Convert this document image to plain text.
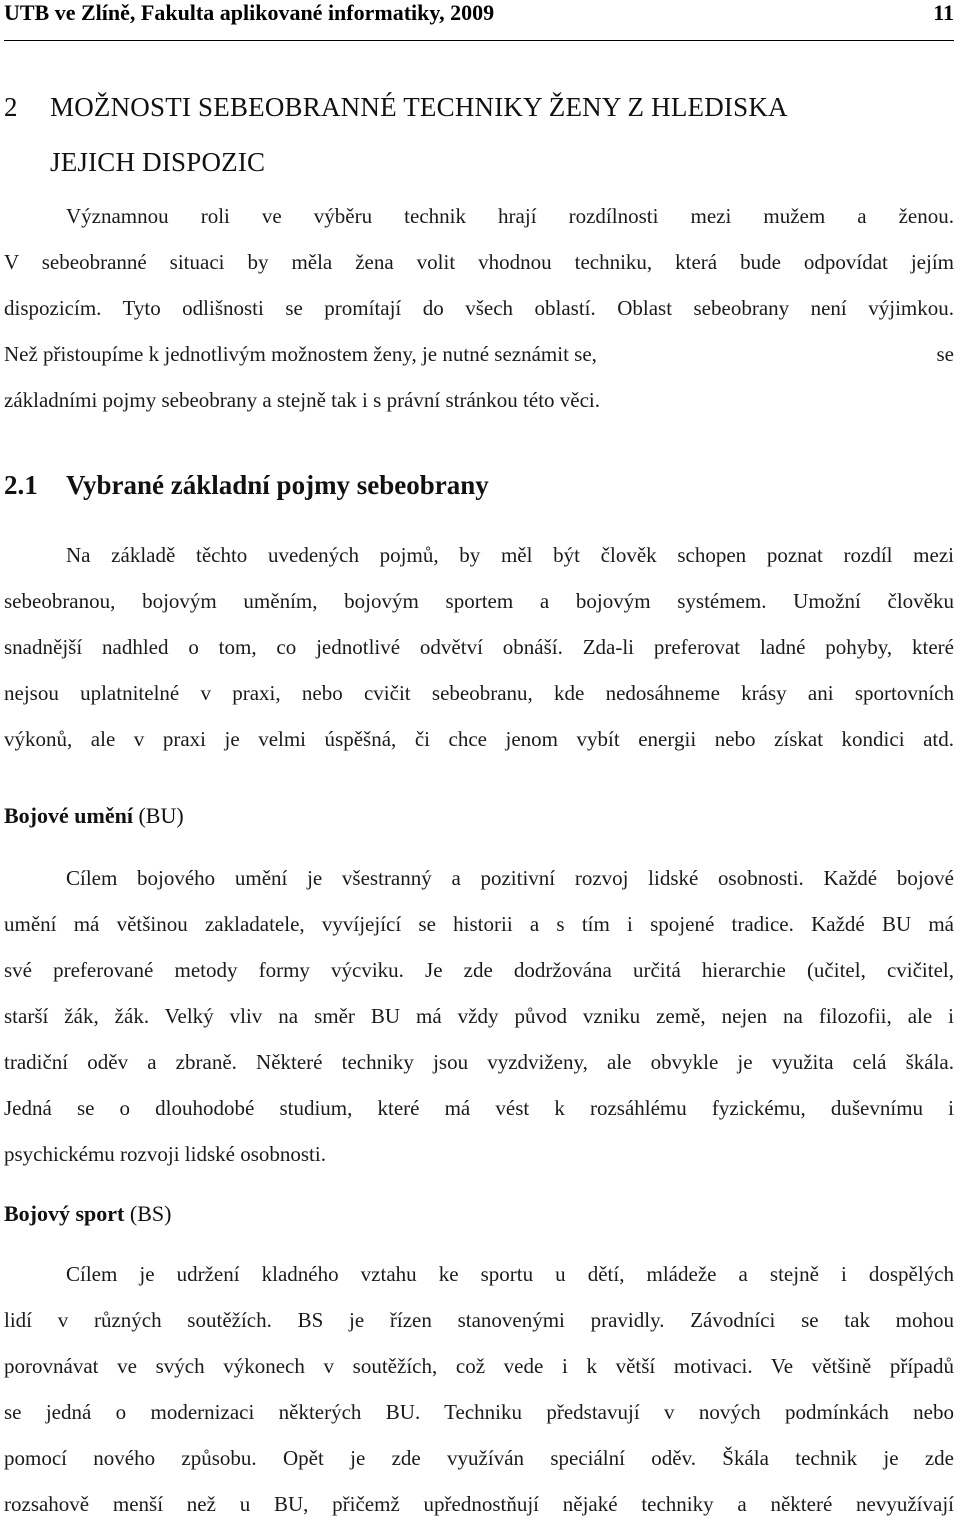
UTB ve Zlíně, Fakulta aplikované informatiky, 2009	11
2 MOŽNOSTI SEBEOBRANNÉ TECHNIKY ŽENY Z HLEDISKA
JEJICH DISPOZIC
Významnou roli ve výběru technik hrají rozdílnosti mezi mužem a ženou.
V sebeobranné situaci by měla žena volit vhodnou techniku, která bude odpovídat jejím
dispozicím. Tyto odlišnosti se promítají do všech oblastí. Oblast sebeobrany není výjimkou.
Než přistoupíme k jednotlivým možnostem ženy, je nutné seznámit se,	se
základními pojmy sebeobrany a stejně tak i s právní stránkou této věci.
2.1 Vybrané základní pojmy sebeobrany
Na základě těchto uvedených pojmů, by měl být člověk schopen poznat rozdíl mezi
sebeobranou, bojovým uměním, bojovým sportem a bojovým systémem. Umožní člověku
snadnější nadhled o tom, co jednotlivé odvětví obnáší. Zda-li preferovat ladné pohyby, které
nejsou uplatnitelné v praxi, nebo cvičit sebeobranu, kde nedosáhneme krásy ani sportovních
výkonů, ale v praxi je velmi úspěšná, či chce jenom vybít energii nebo získat kondici atd.
Bojové umění (BU)
Cílem bojového umění je všestranný a pozitivní rozvoj lidské osobnosti. Každé bojové
umění má většinou zakladatele, vyvíjející se historii a s tím i spojené tradice. Každé BU má
své preferované metody formy výcviku. Je zde dodržována určitá hierarchie (učitel, cvičitel,
starší žák, žák. Velký vliv na směr BU má vždy původ vzniku země, nejen na filozofii, ale i
tradiční oděv a zbraně. Některé techniky jsou vyzdviženy, ale obvykle je využita celá škála.
Jedná se o dlouhodobé studium, které má vést k rozsáhlému fyzickému, duševnímu i
psychickému rozvoji lidské osobnosti.
Bojový sport (BS)
Cílem je udržení kladného vztahu ke sportu u dětí, mládeže a stejně i dospělých
lidí v různých soutěžích. BS je řízen stanovenými pravidly. Závodníci se tak mohou
porovnávat ve svých výkonech v soutěžích, což vede i k větší motivaci. Ve většině případů
se jedná o modernizaci některých BU. Techniku představují v nových podmínkách nebo
pomocí nového způsobu. Opět je zde využíván speciální oděv. Škála technik je zde
rozsahově menší než u BU, přičemž upřednostňují nějaké techniky a některé nevyužívají
